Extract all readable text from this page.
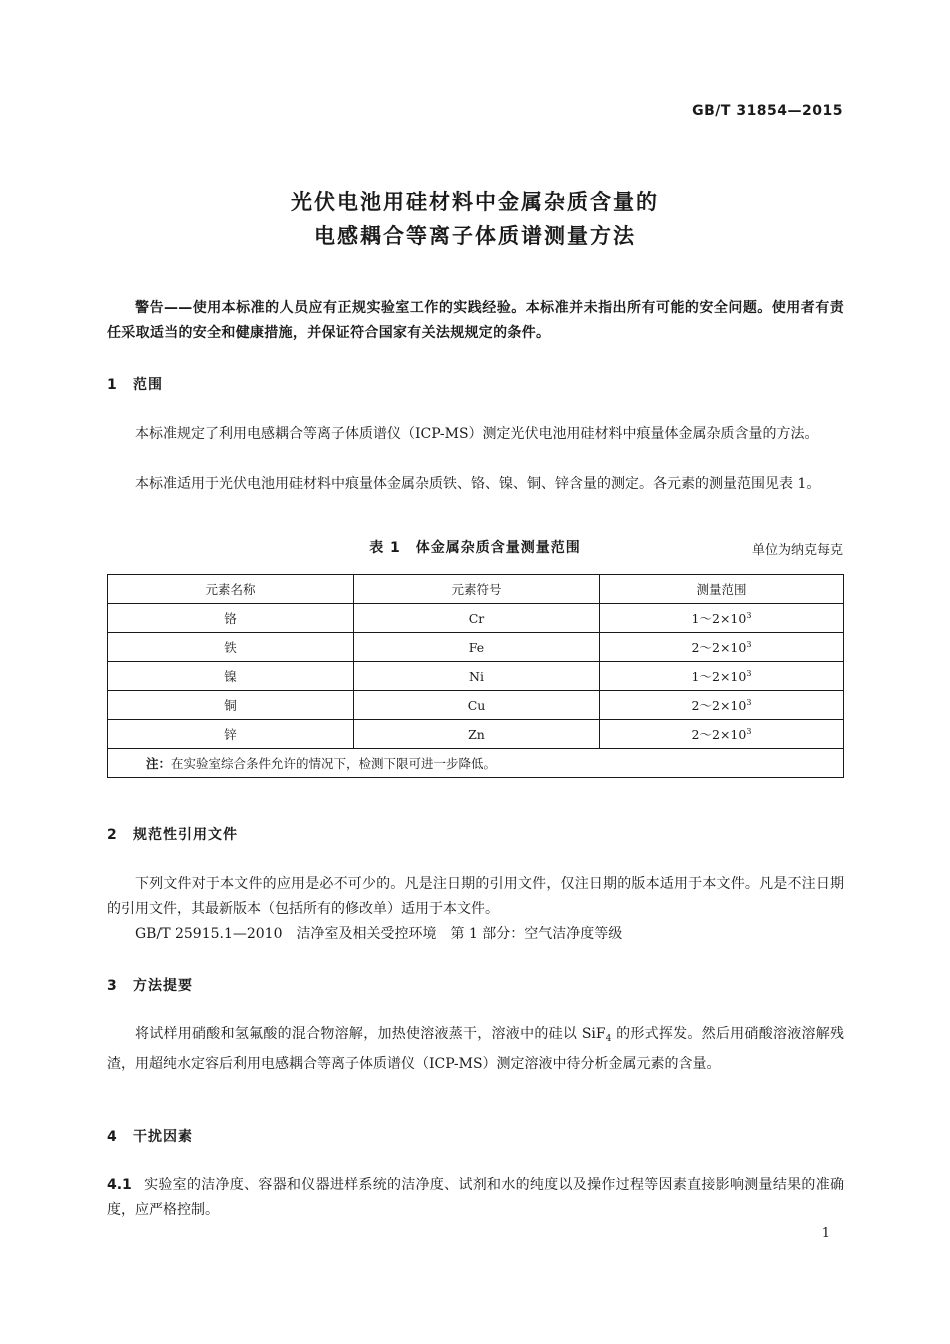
GB/T 31854—2015
光伏电池用硅材料中金属杂质含量的
电感耦合等离子体质谱测量方法
警告——使用本标准的人员应有正规实验室工作的实践经验。本标准并未指出所有可能的安全问题。使用者有责任采取适当的安全和健康措施，并保证符合国家有关法规规定的条件。
1 范围
本标准规定了利用电感耦合等离子体质谱仪（ICP-MS）测定光伏电池用硅材料中痕量体金属杂质含量的方法。
本标准适用于光伏电池用硅材料中痕量体金属杂质铁、铬、镍、铜、锌含量的测定。各元素的测量范围见表 1。
表 1　体金属杂质含量测量范围	单位为纳克每克
元素名称	元素符号	测量范围
铬	Cr	$1\sim 2\times 10^3$
铁	Fe	$2\sim 2\times 10^3$
镍	Ni	$1\sim 2\times 10^3$
铜	Cu	$2\sim 2\times 10^3$
锌	Zn	$2\sim 2\times 10^3$
注：在实验室综合条件允许的情况下，检测下限可进一步降低。		
2 规范性引用文件
下列文件对于本文件的应用是必不可少的。凡是注日期的引用文件，仅注日期的版本适用于本文件。凡是不注日期的引用文件，其最新版本（包括所有的修改单）适用于本文件。
GB/T 25915.1—2010　洁净室及相关受控环境　第 1 部分：空气洁净度等级
3 方法提要
将试样用硝酸和氢氟酸的混合物溶解，加热使溶液蒸干，溶液中的硅以 SiF$_4$ 的形式挥发。然后用硝酸溶液溶解残渣，用超纯水定容后利用电感耦合等离子体质谱仪（ICP-MS）测定溶液中待分析金属元素的含量。
4 干扰因素
4.1 实验室的洁净度、容器和仪器进样系统的洁净度、试剂和水的纯度以及操作过程等因素直接影响测量结果的准确度，应严格控制。
1
